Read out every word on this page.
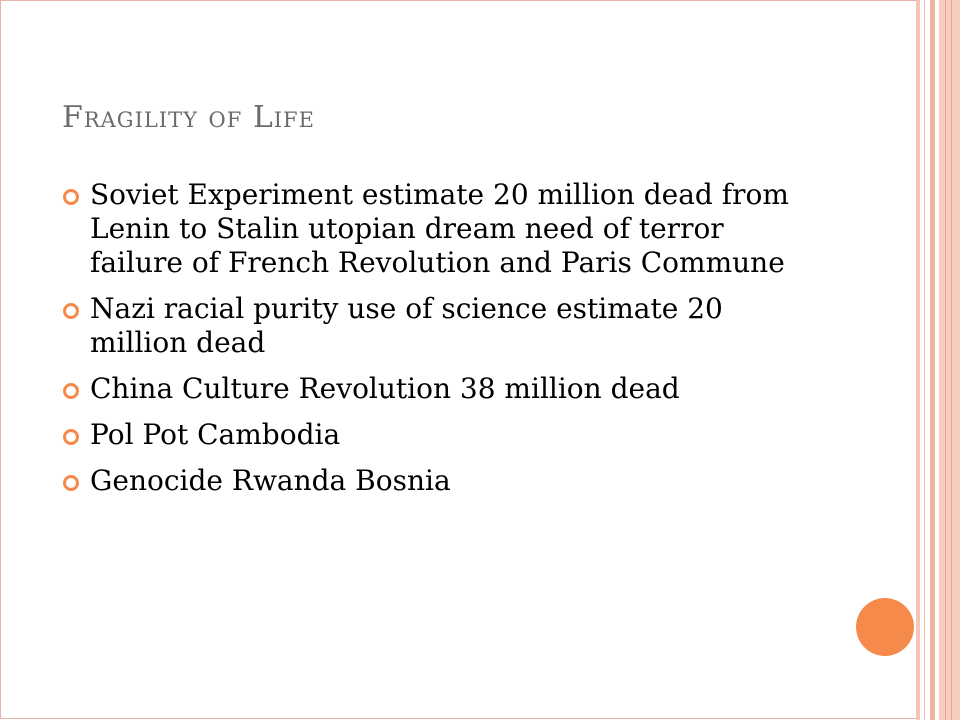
Fragility of Life
Soviet Experiment estimate 20 million dead from Lenin to Stalin utopian dream need of terror failure of French Revolution and Paris Commune
Nazi racial purity use of science estimate 20 million dead
China Culture Revolution 38 million dead
Pol Pot Cambodia
Genocide Rwanda Bosnia
